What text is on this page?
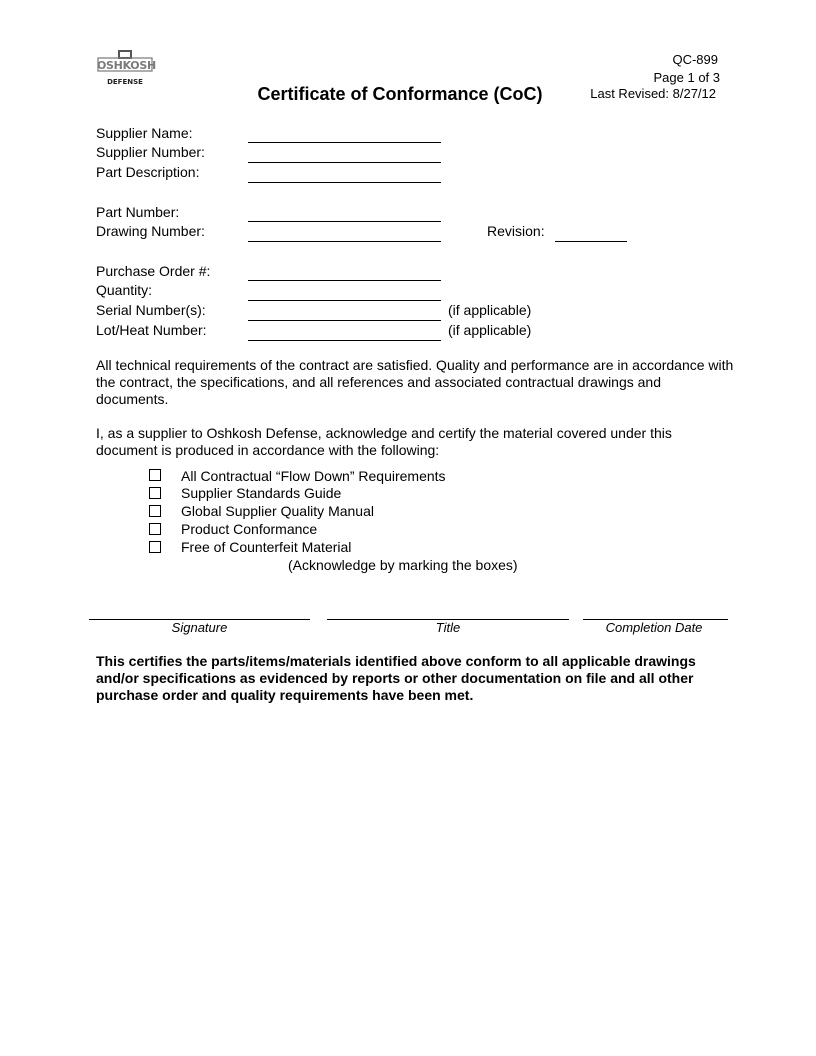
OSHKOSH
DEFENSE
QC-899
Page 1 of 3
Last Revised: 8/27/12
Certificate of Conformance (CoC)
Supplier Name:
Supplier Number:
Part Description:
Part Number:
Drawing Number:	Revision:
Purchase Order #:
Quantity:
Serial Number(s):	(if applicable)
Lot/Heat Number:	(if applicable)
All technical requirements of the contract are satisfied. Quality and performance are in accordance with the contract, the specifications, and all references and associated contractual drawings and documents.
I, as a supplier to Oshkosh Defense, acknowledge and certify the material covered under this document is produced in accordance with the following:
All Contractual “Flow Down” Requirements
Supplier Standards Guide
Global Supplier Quality Manual
Product Conformance
Free of Counterfeit Material
(Acknowledge by marking the boxes)
Signature	Title	Completion Date
This certifies the parts/items/materials identified above conform to all applicable drawings and/or specifications as evidenced by reports or other documentation on file and all other purchase order and quality requirements have been met.
